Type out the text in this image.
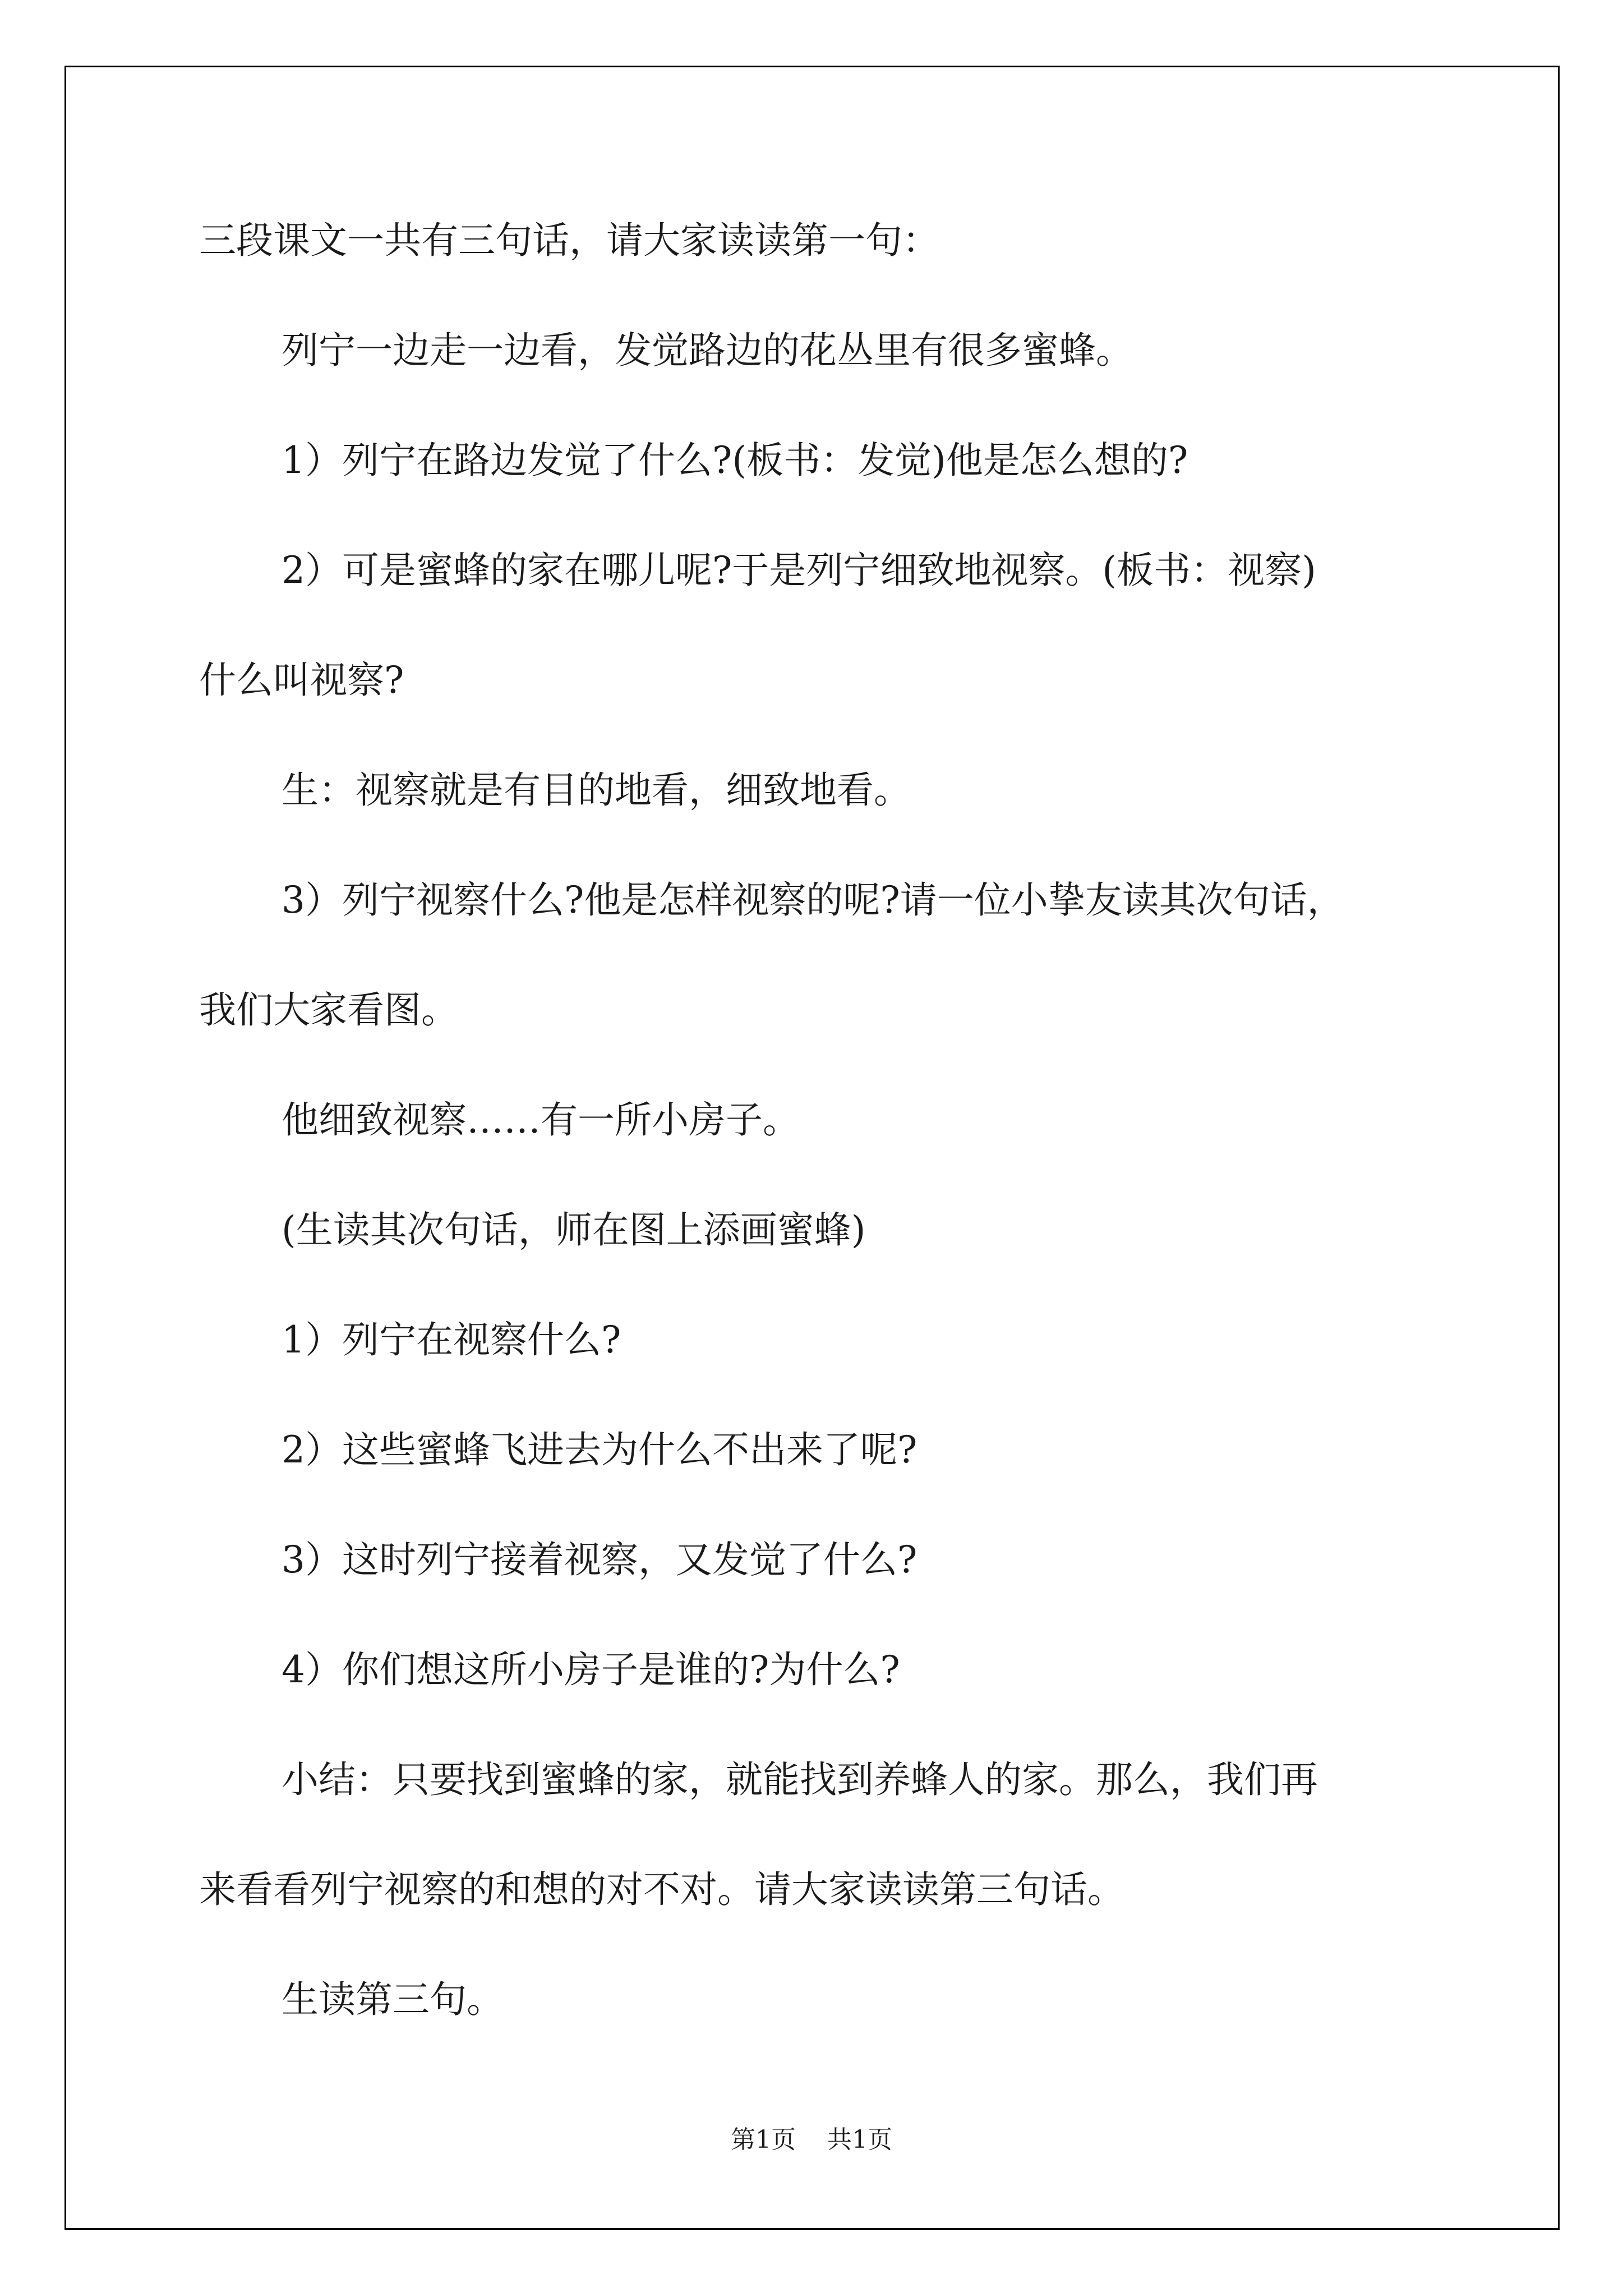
三段课文一共有三句话，请大家读读第一句：

列宁一边走一边看，发觉路边的花丛里有很多蜜蜂。

1）列宁在路边发觉了什么?(板书：发觉)他是怎么想的?

2）可是蜜蜂的家在哪儿呢?于是列宁细致地视察。(板书：视察)

什么叫视察?

生：视察就是有目的地看，细致地看。

3）列宁视察什么?他是怎样视察的呢?请一位小挚友读其次句话，

我们大家看图。

他细致视察……有一所小房子。

(生读其次句话，师在图上添画蜜蜂)

1）列宁在视察什么?

2）这些蜜蜂飞进去为什么不出来了呢?

3）这时列宁接着视察，又发觉了什么?

4）你们想这所小房子是谁的?为什么?

小结：只要找到蜜蜂的家，就能找到养蜂人的家。那么，我们再

来看看列宁视察的和想的对不对。请大家读读第三句话。

生读第三句。

第1页 共1页
